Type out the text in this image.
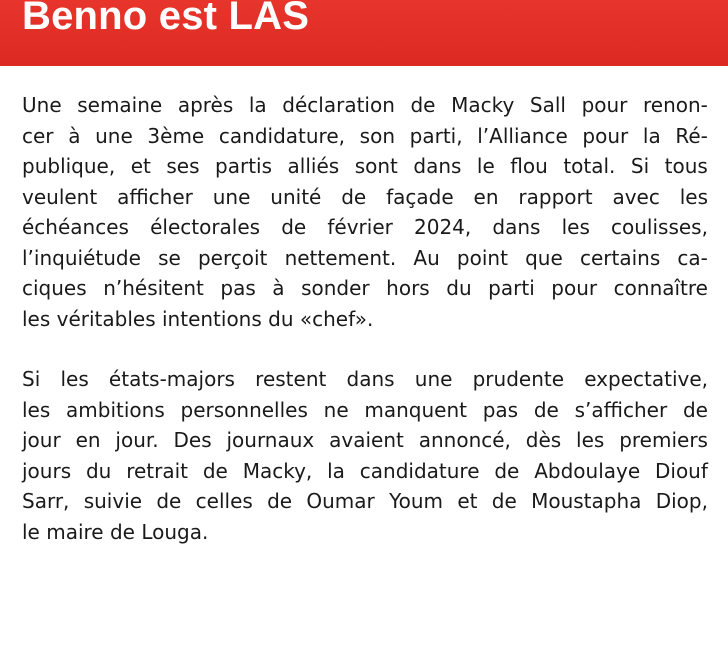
Benno est LAS

Une semaine après la déclaration de Macky Sall pour renon-
cer à une 3ème candidature, son parti, l’Alliance pour la Ré-
publique, et ses partis alliés sont dans le flou total. Si tous
veulent afficher une unité de façade en rapport avec les
échéances électorales de février 2024, dans les coulisses,
l’inquiétude se perçoit nettement. Au point que certains ca-
ciques n’hésitent pas à sonder hors du parti pour connaître
les véritables intentions du «chef».

Si les états-majors restent dans une prudente expectative,
les ambitions personnelles ne manquent pas de s’afficher de
jour en jour. Des journaux avaient annoncé, dès les premiers
jours du retrait de Macky, la candidature de Abdoulaye Diouf
Sarr, suivie de celles de Oumar Youm et de Moustapha Diop,
le maire de Louga.
